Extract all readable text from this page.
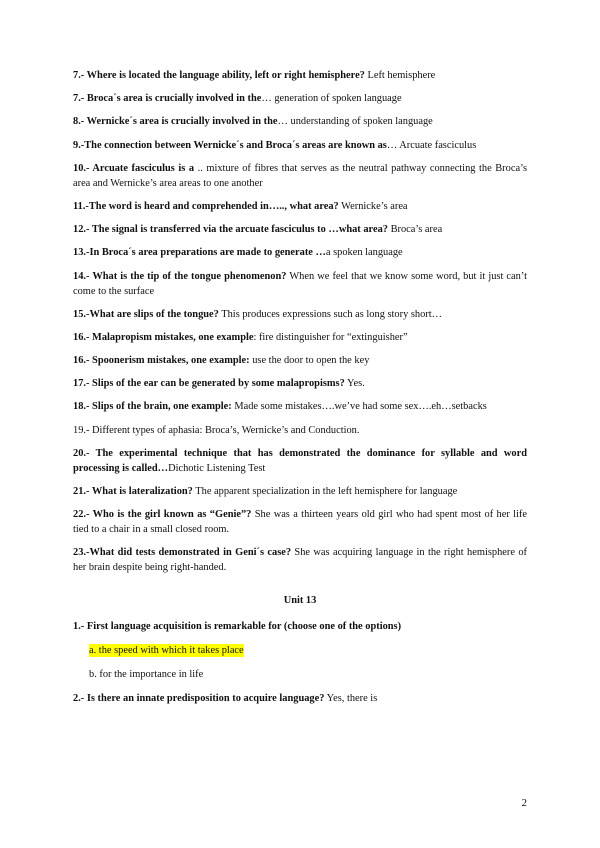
7.- Where is located the language ability, left or right hemisphere? Left hemisphere

7.- Broca´s area is crucially involved in the… generation of spoken language

8.- Wernicke´s area is crucially involved in the… understanding of spoken language

9.-The connection between Wernicke´s and Broca´s areas are known as… Arcuate fasciculus

10.- Arcuate fasciculus is a .. mixture of fibres that serves as the neutral pathway connecting the Broca’s area and Wernicke’s area areas to one another

11.-The word is heard and comprehended in….., what area? Wernicke’s area

12.- The signal is transferred via the arcuate fasciculus to …what area? Broca’s area

13.-In Broca´s area preparations are made to generate …a spoken language

14.- What is the tip of the tongue phenomenon? When we feel that we know some word, but it just can’t come to the surface

15.-What are slips of the tongue? This produces expressions such as long story short…

16.- Malapropism mistakes, one example: fire distinguisher for “extinguisher”

16.- Spoonerism mistakes, one example: use the door to open the key

17.- Slips of the ear can be generated by some malapropisms? Yes.

18.- Slips of the brain, one example: Made some mistakes….we’ve had some sex….eh…setbacks

19.- Different types of aphasia: Broca’s, Wernicke’s and Conduction.

20.- The experimental technique that has demonstrated the dominance for syllable and word processing is called…Dichotic Listening Test

21.- What is lateralization? The apparent specialization in the left hemisphere for language

22.- Who is the girl known as “Genie”? She was a thirteen years old girl who had spent most of her life tied to a chair in a small closed room.

23.-What did tests demonstrated in Geni´s case? She was acquiring language in the right hemisphere of her brain despite being right-handed.

Unit 13

1.- First language acquisition is remarkable for (choose one of the options)

a. the speed with which it takes place

b. for the importance in life

2.- Is there an innate predisposition to acquire language? Yes, there is

2
